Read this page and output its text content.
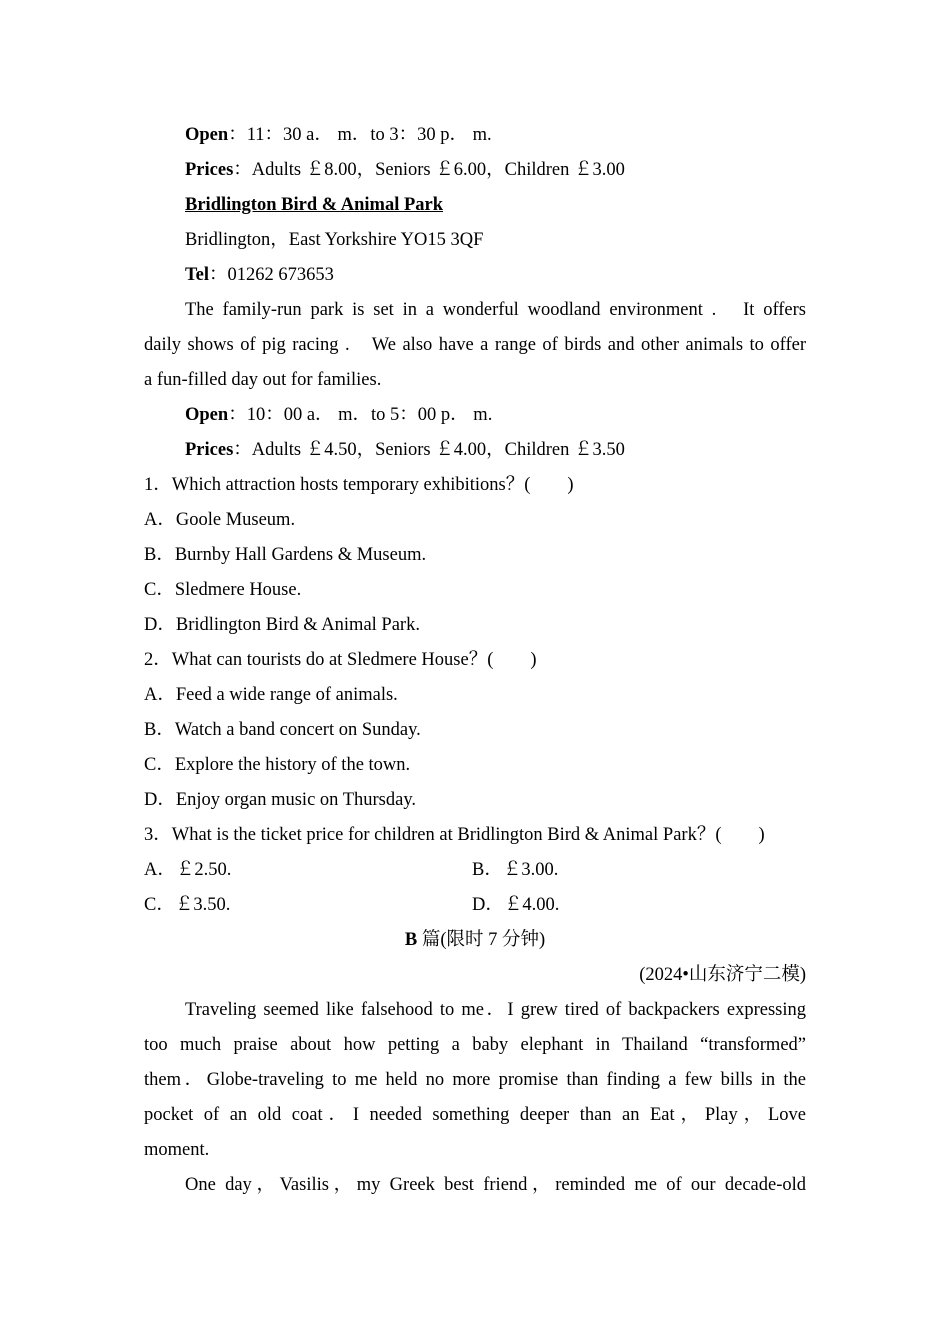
Open：11：30 a． m．to 3：30 p． m.
Prices：Adults ￡8.00，Seniors ￡6.00，Children ￡3.00
Bridlington Bird & Animal Park
Bridlington，East Yorkshire YO15 3QF
Tel：01262 673653
The family-run park is set in a wonderful woodland environment .　It offers
daily shows of pig racing .　We also have a range of birds and other animals to offer
a fun-filled day out for families.
Open：10：00 a． m．to 5：00 p． m.
Prices：Adults ￡4.50，Seniors ￡4.00，Children ￡3.50
1．Which attraction hosts temporary exhibitions？(　　)
A．Goole Museum.
B．Burnby Hall Gardens & Museum.
C．Sledmere House.
D．Bridlington Bird & Animal Park.
2．What can tourists do at Sledmere House？(　　)
A．Feed a wide range of animals.
B．Watch a band concert on Sunday.
C．Explore the history of the town.
D．Enjoy organ music on Thursday.
3．What is the ticket price for children at Bridlington Bird & Animal Park？(　　)
A．￡2.50.	B．￡3.00.
C．￡3.50.	D．￡4.00.
B 篇(限时 7 分钟)
(2024•山东济宁二模)
Traveling seemed like falsehood to me．I grew tired of backpackers expressing
too much praise about how petting a baby elephant in Thailand “transformed”
them．Globe-traveling to me held no more promise than finding a few bills in the
pocket of an old coat．I needed something deeper than an Eat，Play，Love
moment.
One day，Vasilis，my Greek best friend，reminded me of our decade-old
